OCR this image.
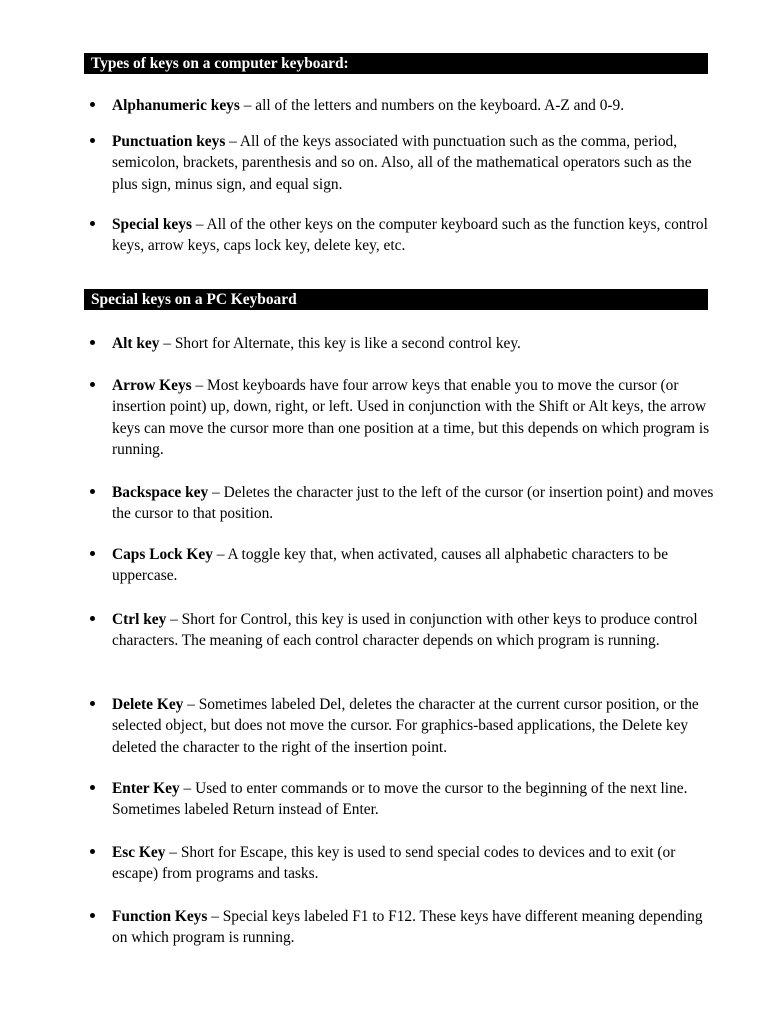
Types of keys on a computer keyboard:
Alphanumeric keys – all of the letters and numbers on the keyboard. A-Z and 0-9.
Punctuation keys – All of the keys associated with punctuation such as the comma, period, semicolon, brackets, parenthesis and so on. Also, all of the mathematical operators such as the plus sign, minus sign, and equal sign.
Special keys – All of the other keys on the computer keyboard such as the function keys, control keys, arrow keys, caps lock key, delete key, etc.
Special keys on a PC Keyboard
Alt key – Short for Alternate, this key is like a second control key.
Arrow Keys – Most keyboards have four arrow keys that enable you to move the cursor (or insertion point) up, down, right, or left. Used in conjunction with the Shift or Alt keys, the arrow keys can move the cursor more than one position at a time, but this depends on which program is running.
Backspace key – Deletes the character just to the left of the cursor (or insertion point) and moves the cursor to that position.
Caps Lock Key – A toggle key that, when activated, causes all alphabetic characters to be uppercase.
Ctrl key – Short for Control, this key is used in conjunction with other keys to produce control characters. The meaning of each control character depends on which program is running.
Delete Key – Sometimes labeled Del, deletes the character at the current cursor position, or the selected object, but does not move the cursor. For graphics-based applications, the Delete key deleted the character to the right of the insertion point.
Enter Key – Used to enter commands or to move the cursor to the beginning of the next line. Sometimes labeled Return instead of Enter.
Esc Key – Short for Escape, this key is used to send special codes to devices and to exit (or escape) from programs and tasks.
Function Keys – Special keys labeled F1 to F12. These keys have different meaning depending on which program is running.
